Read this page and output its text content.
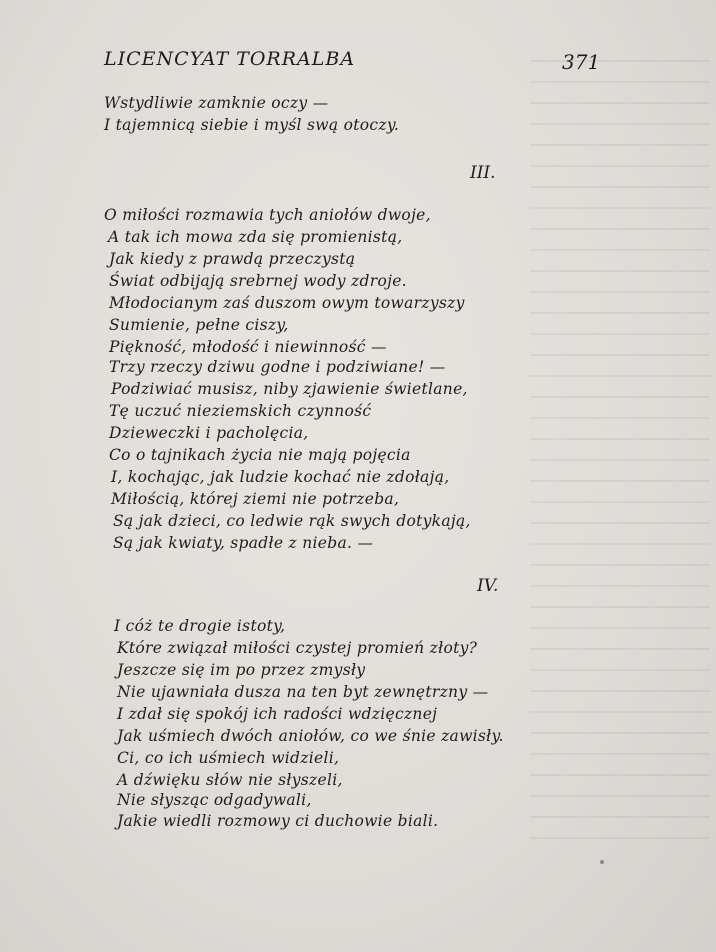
LICENCYAT TORRALBA	371
Wstydliwie zamknie oczy —
I tajemnicą siebie i myśl swą otoczy.
III.
O miłości rozmawia tych aniołów dwoje,
A tak ich mowa zda się promienistą,
Jak kiedy z prawdą przeczystą
Świat odbijają srebrnej wody zdroje.
Młodocianym zaś duszom owym towarzyszy
Sumienie, pełne ciszy,
Piękność, młodość i niewinność —
Trzy rzeczy dziwu godne i podziwiane! —
Podziwiać musisz, niby zjawienie świetlane,
Tę uczuć nieziemskich czynność
Dzieweczki i pacholęcia,
Co o tajnikach życia nie mają pojęcia
I, kochając, jak ludzie kochać nie zdołają,
Miłością, której ziemi nie potrzeba,
Są jak dzieci, co ledwie rąk swych dotykają,
Są jak kwiaty, spadłe z nieba. —
IV.
I cóż te drogie istoty,
Które związał miłości czystej promień złoty?
Jeszcze się im po przez zmysły
Nie ujawniała dusza na ten byt zewnętrzny —
I zdał się spokój ich radości wdzięcznej
Jak uśmiech dwóch aniołów, co we śnie zawisły.
Ci, co ich uśmiech widzieli,
A dźwięku słów nie słyszeli,
Nie słysząc odgadywali,
Jakie wiedli rozmowy ci duchowie biali.
